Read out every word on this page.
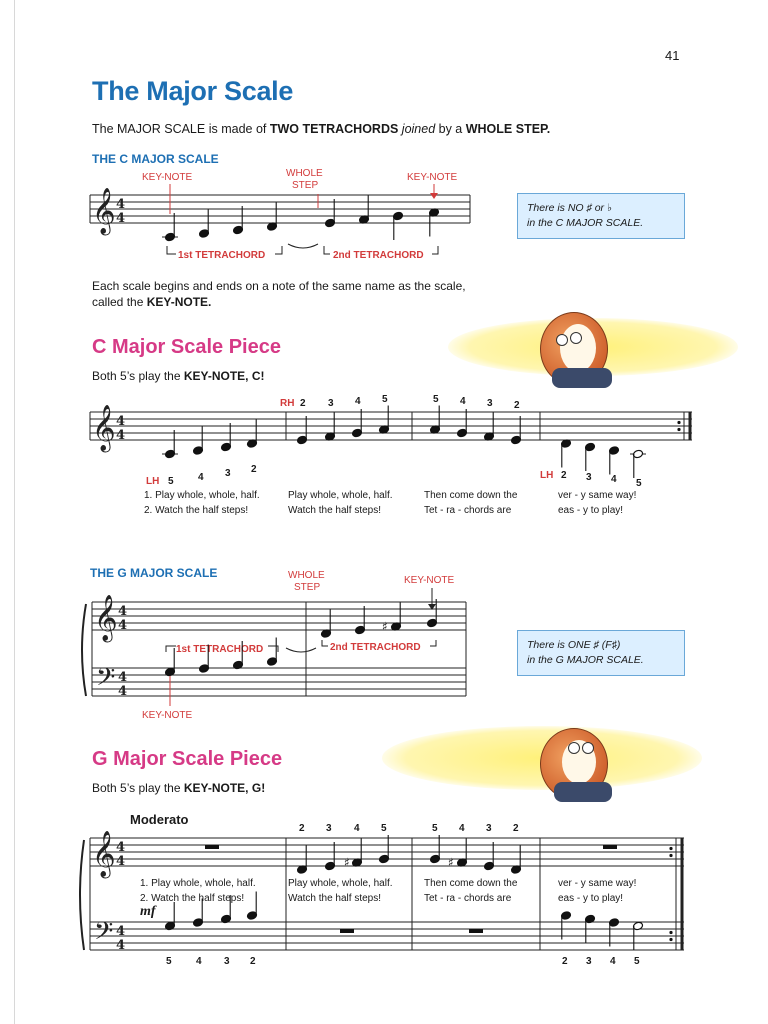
41
The Major Scale
The MAJOR SCALE is made of TWO TETRACHORDS joined by a WHOLE STEP.
THE C MAJOR SCALE
KEY-NOTE	WHOLE
STEP
KEY-NOTE
1st TETRACHORD	2nd TETRACHORD
There is NO ♯ or ♭
in the C MAJOR SCALE.
Each scale begins and ends on a note of the same name as the scale,
called the KEY-NOTE.
C Major Scale Piece
Both 5’s play the KEY-NOTE, C!
RH 2 3 4 5	5 4 3 2
LH 5 4 3 2
LH 2 3 4 5
1. Play whole, whole, half.
2. Watch the half steps!
Play whole, whole, half.
Watch the half steps!
Then come down the
Tet - ra - chords are
ver - y same way!
eas - y to play!
THE G MAJOR SCALE	WHOLE
STEP
KEY-NOTE
1st TETRACHORD	2nd TETRACHORD
KEY-NOTE
There is ONE ♯ (F♯)
in the G MAJOR SCALE.
G Major Scale Piece
Both 5’s play the KEY-NOTE, G!
Moderato
2 3 4 5	5 4 3 2
1. Play whole, whole, half.
2. Watch the half steps!
Play whole, whole, half.
Watch the half steps!
Then come down the
Tet - ra - chords are
ver - y same way!
eas - y to play!
mf
5 4 3 2	2 3 4 5
𝄞 4
4
𝄞 4
4
𝄞
𝄢
4
4
4
4
♯
𝄞
𝄢
4
4
4
4
♯	♯
